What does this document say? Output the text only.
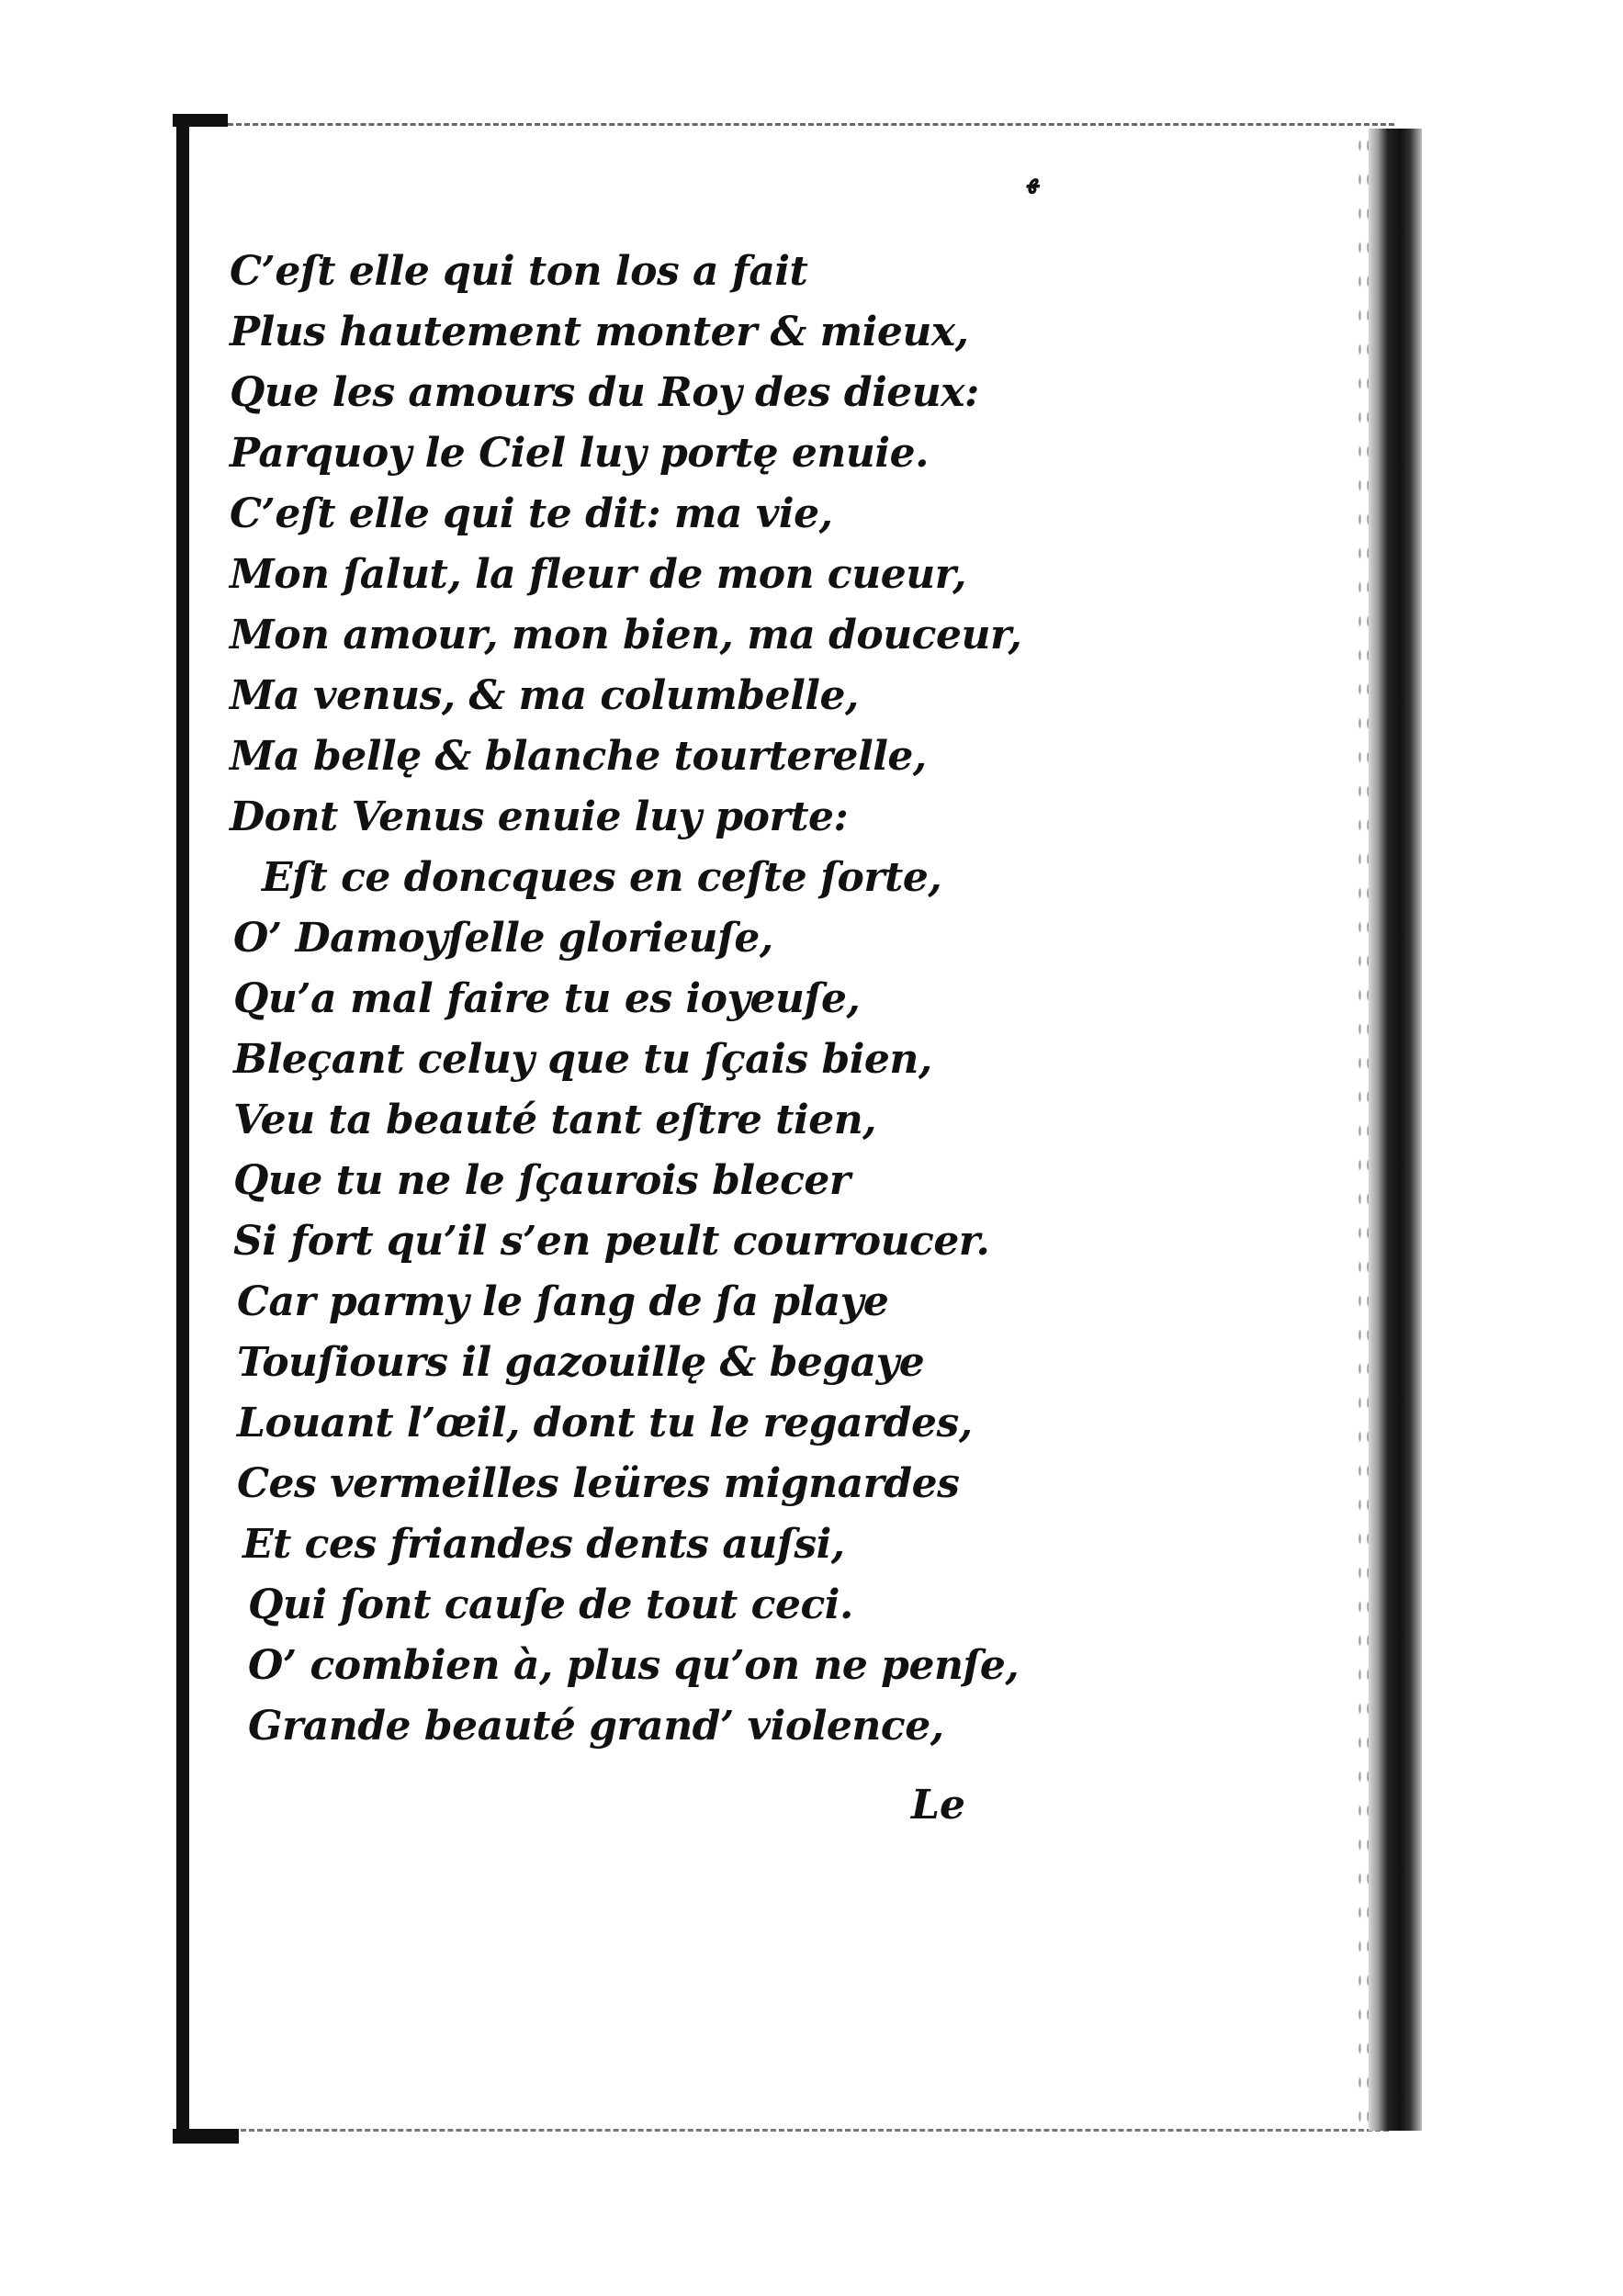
ﻬ
C’eſt elle qui ton los a fait
Plus hautement monter & mieux,
Que les amours du Roy des dieux:
Parquoy le Ciel luy portę enuie.
C’eſt elle qui te dit: ma vie,
Mon ſalut, la fleur de mon cueur,
Mon amour, mon bien, ma douceur,
Ma venus, & ma columbelle,
Ma bellę & blanche tourterelle,
Dont Venus enuie luy porte:
Eſt ce doncques en ceſte ſorte,
O’ Damoyſelle glorieuſe,
Qu’a mal faire tu es ioyeuſe,
Bleçant celuy que tu ſçais bien,
Veu ta beauté tant eſtre tien,
Que tu ne le ſçaurois blecer
Si fort qu’il s’en peult courroucer.
Car parmy le ſang de ſa playe
Touſiours il gazouillę & begaye
Louant l’œil, dont tu le regardes,
Ces vermeilles leüres mignardes
Et ces friandes dents auſsi,
Qui ſont cauſe de tout ceci.
O’ combien à, plus qu’on ne penſe,
Grande beauté grand’ violence,
Le
